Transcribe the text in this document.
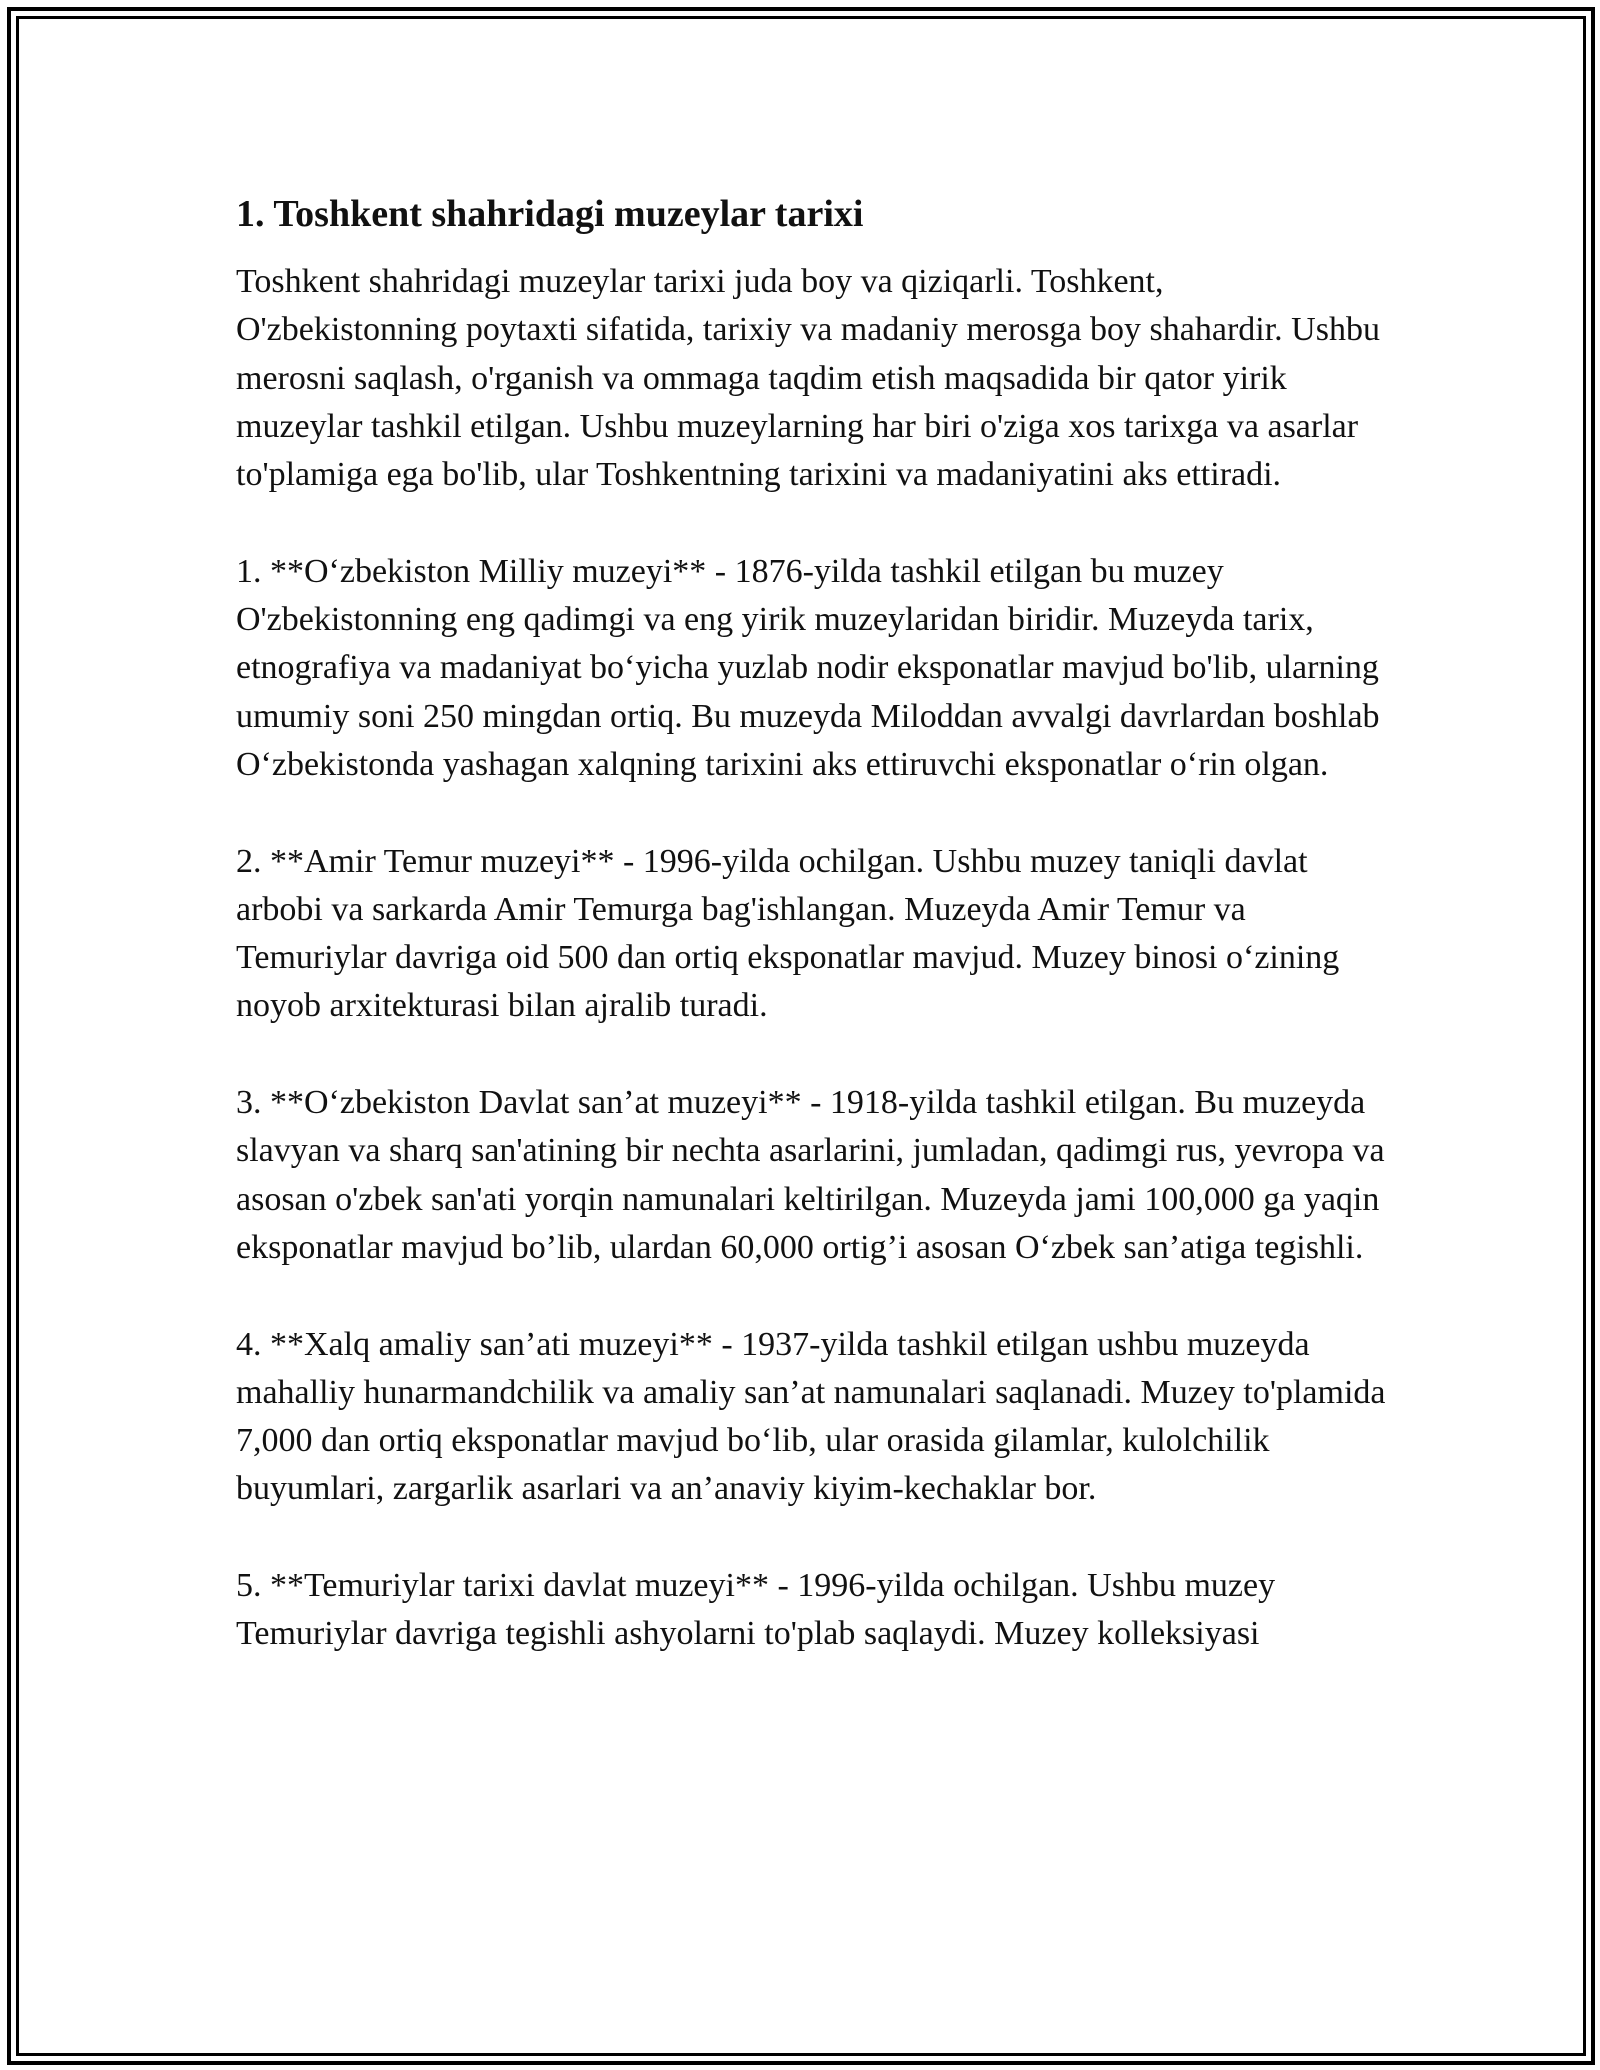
1. Toshkent shahridagi muzeylar tarixi

Toshkent shahridagi muzeylar tarixi juda boy va qiziqarli. Toshkent, O'zbekistonning poytaxti sifatida, tarixiy va madaniy merosga boy shahardir. Ushbu merosni saqlash, o'rganish va ommaga taqdim etish maqsadida bir qator yirik muzeylar tashkil etilgan. Ushbu muzeylarning har biri o'ziga xos tarixga va asarlar to'plamiga ega bo'lib, ular Toshkentning tarixini va madaniyatini aks ettiradi.

1. **O‘zbekiston Milliy muzeyi** - 1876-yilda tashkil etilgan bu muzey O'zbekistonning eng qadimgi va eng yirik muzeylaridan biridir. Muzeyda tarix, etnografiya va madaniyat bo‘yicha yuzlab nodir eksponatlar mavjud bo'lib, ularning umumiy soni 250 mingdan ortiq. Bu muzeyda Miloddan avvalgi davrlardan boshlab O‘zbekistonda yashagan xalqning tarixini aks ettiruvchi eksponatlar o‘rin olgan.

2. **Amir Temur muzeyi** - 1996-yilda ochilgan. Ushbu muzey taniqli davlat arbobi va sarkarda Amir Temurga bag'ishlangan. Muzeyda Amir Temur va Temuriylar davriga oid 500 dan ortiq eksponatlar mavjud. Muzey binosi o‘zining noyob arxitekturasi bilan ajralib turadi.

3. **O‘zbekiston Davlat san’at muzeyi** - 1918-yilda tashkil etilgan. Bu muzeyda slavyan va sharq san'atining bir nechta asarlarini, jumladan, qadimgi rus, yevropa va asosan o'zbek san'ati yorqin namunalari keltirilgan. Muzeyda jami 100,000 ga yaqin eksponatlar mavjud bo’lib, ulardan 60,000 ortig’i asosan O‘zbek san’atiga tegishli.

4. **Xalq amaliy san’ati muzeyi** - 1937-yilda tashkil etilgan ushbu muzeyda mahalliy hunarmandchilik va amaliy san’at namunalari saqlanadi. Muzey to'plamida 7,000 dan ortiq eksponatlar mavjud bo‘lib, ular orasida gilamlar, kulolchilik buyumlari, zargarlik asarlari va an’anaviy kiyim-kechaklar bor.

5. **Temuriylar tarixi davlat muzeyi** - 1996-yilda ochilgan. Ushbu muzey Temuriylar davriga tegishli ashyolarni to'plab saqlaydi. Muzey kolleksiyasi
